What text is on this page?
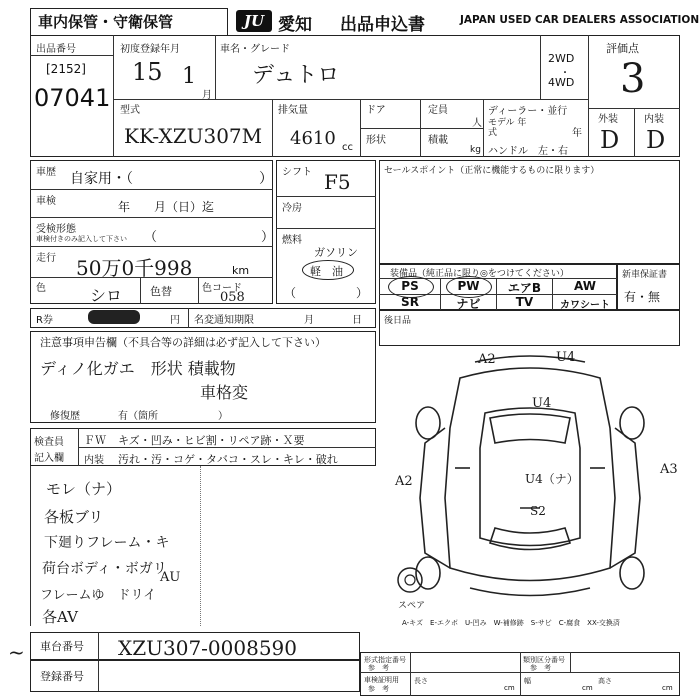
車内保管・守衛保管	JU 愛知 出品申込書	JAPAN USED CAR DEALERS ASSOCIATION
出品番号
[2152]
07041
初度登録年月
15 1
月
車名・グレード
デュトロ
2WD
・
4WD
評価点
3
型式
KK-XZU307M
排気量
4610 cc
ドア	定員
人
形状	積載
kg
ディーラー・並行
モデル 年式	年
ハンドル　左・右
外装	内装
D D
車歴 自家用・（　　　　　　　　　）
車検	年　　月（日）迄
受検形態
車検付きのみ記入して下さい （　　　　　　　　）
走行 50万0千998	km
色	シロ	色替	色コード
058
シフト F5
冷房
燃料
ガソリン
軽　油
（　　　　　）
セールスポイント（正常に機能するものに限ります）
装備品（純正品に限り◎をつけてください）
PS	PW	エアB	AW
SR	ナビ	TV	カワシート
新車保証書
有・無
R券	円 名変通知期限	月	日 後日品
注意事項申告欄（不具合等の詳細は必ず記入して下さい）
ディノ化ガエ　形状 積載物
車格変
修復歴	有（箇所　　　　　　）
検査員
記入欄
ＦＷ キズ・凹み・ヒビ割・リペア跡・Ｘ要
内装 汚れ・汚・コゲ・タバコ・スレ・キレ・破れ
モレ（ナ）
各板ブリ
下廻りフレーム・キ
荷台ボディ・ボガリ
フレームゆ　ドリイ
各AV
AU
A2	U4
U4
A2
A3
U4（ナ）
S2
スペア
A-キズ　E-エクボ　U-凹み　W-補修跡　S-サビ　C-腐食　XX-交換済
~ 車台番号 XZU307-0008590
登録番号
形式指定番号
参　考
類別区分番号
参　考
車検証明用
参　考
長さ
cm
幅
cm
高さ
cm
